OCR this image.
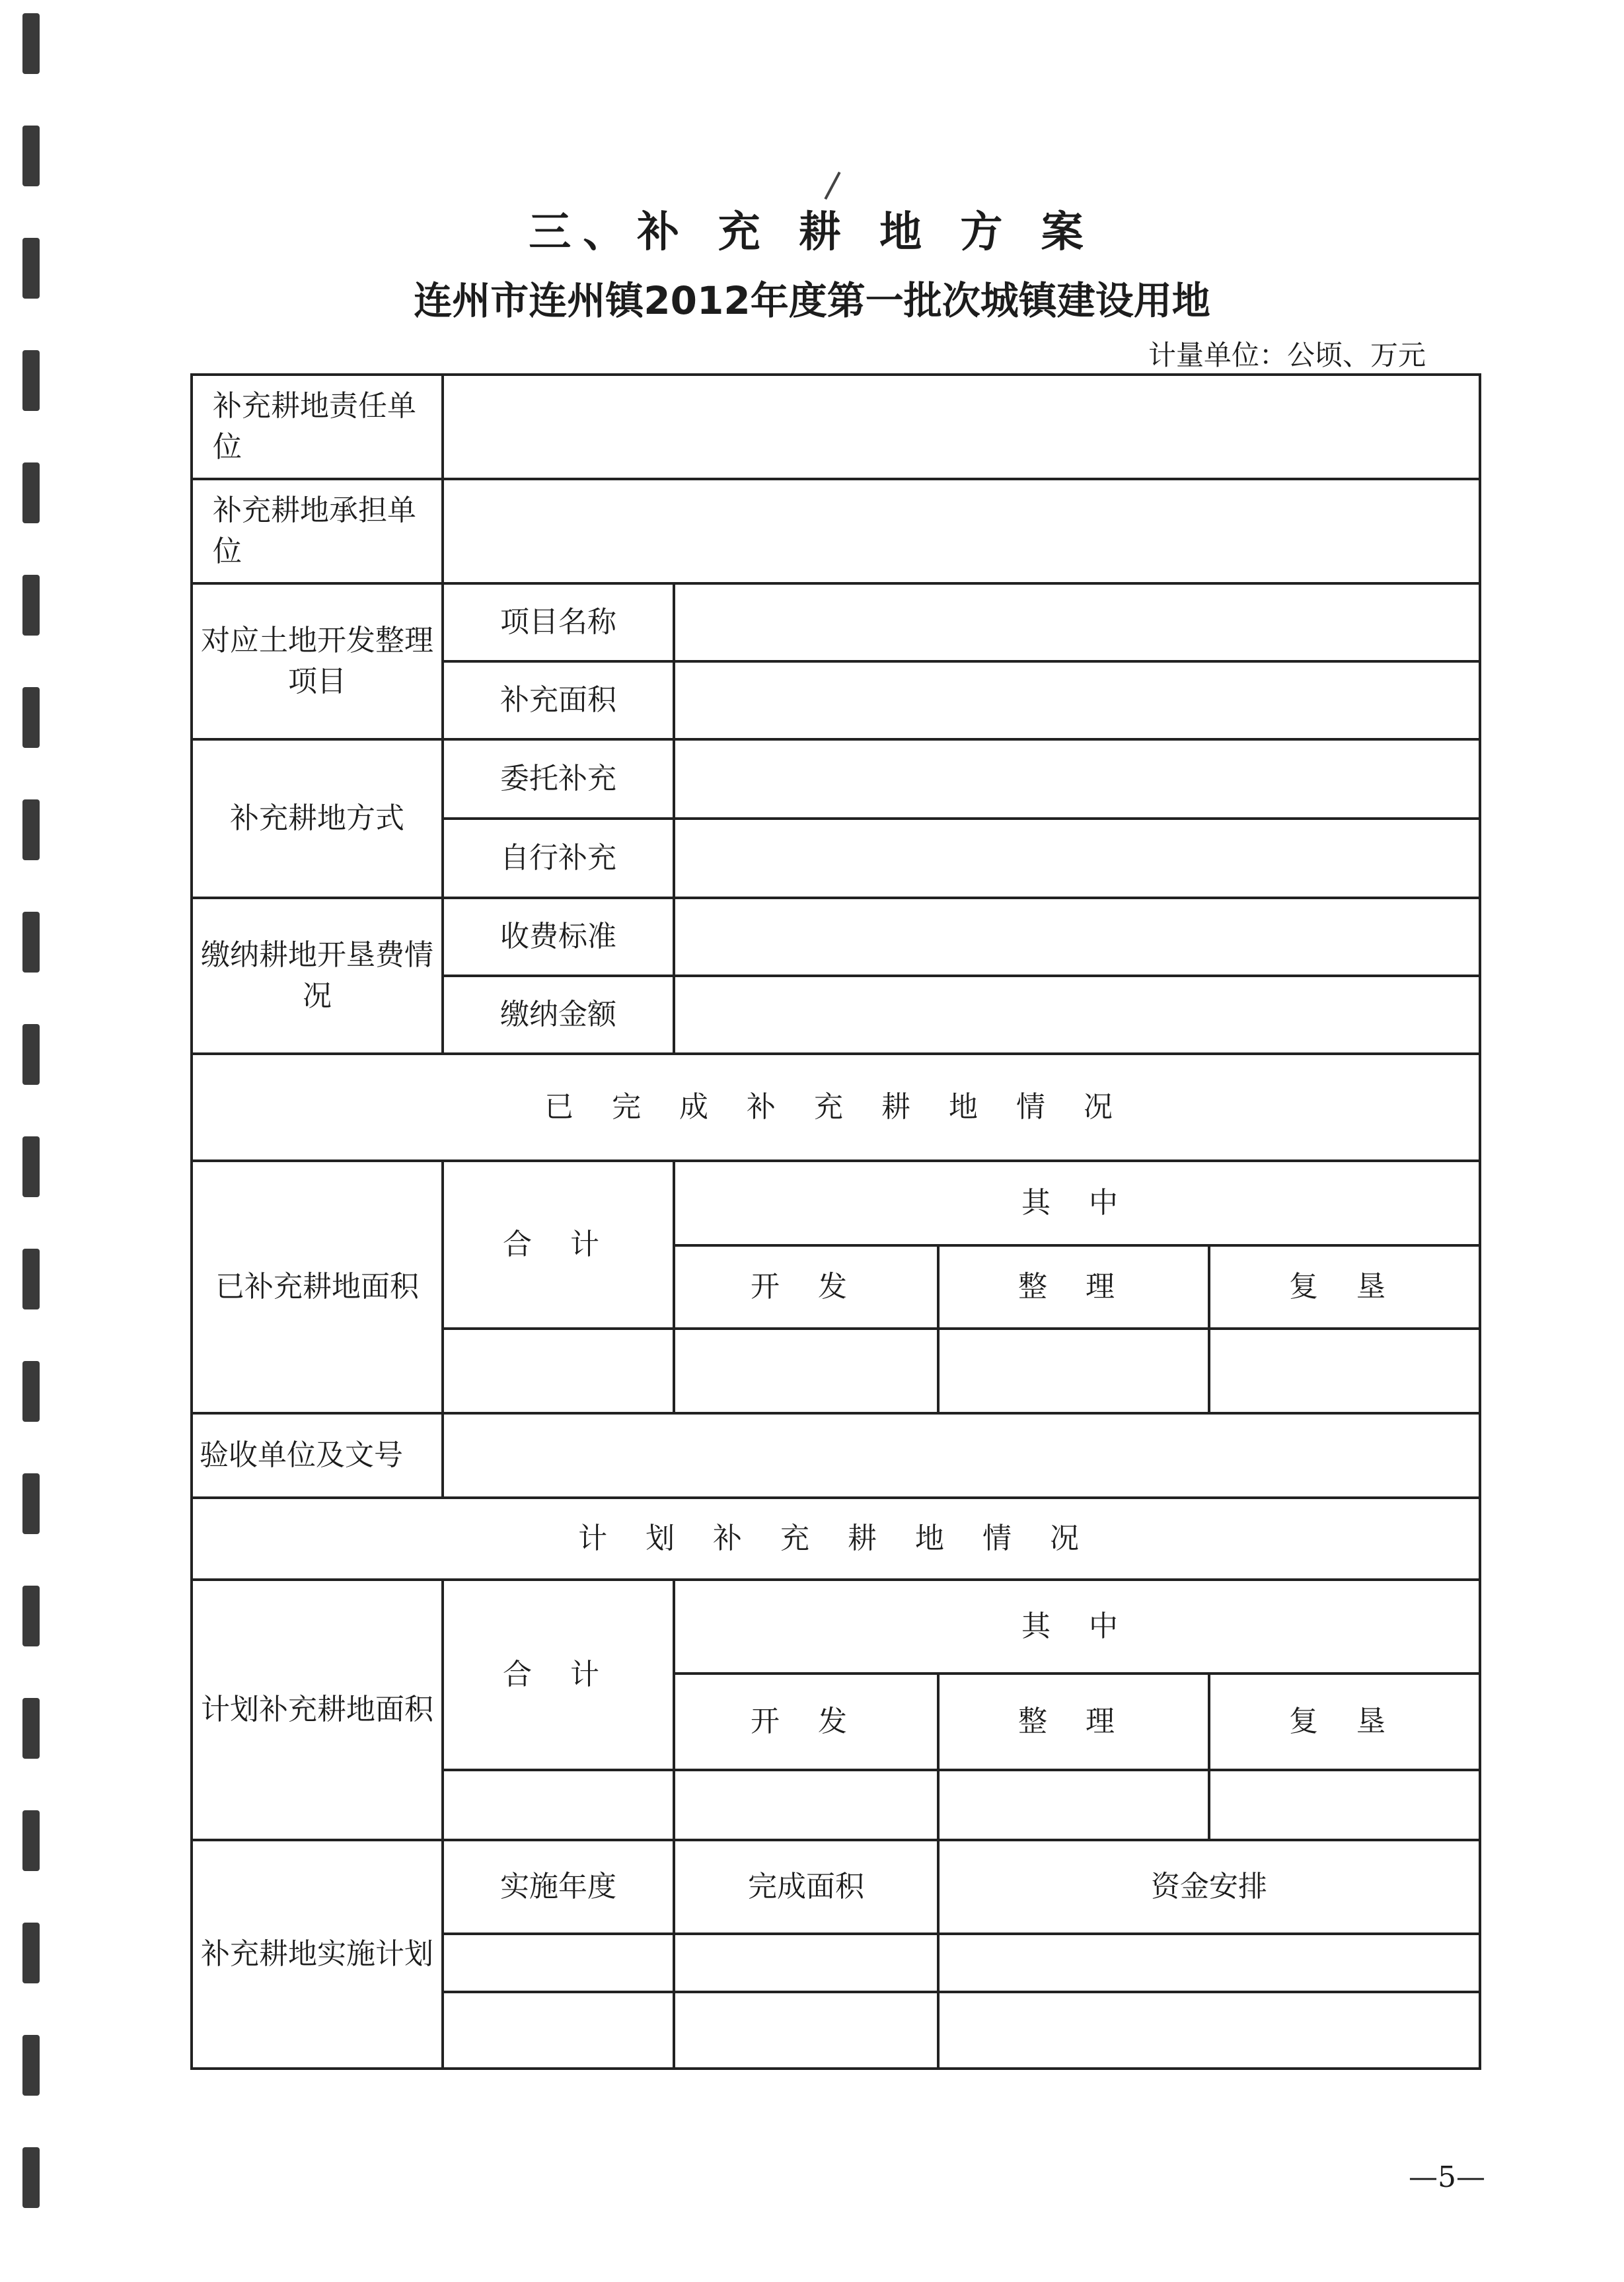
三、补 充 耕 地 方 案
连州市连州镇2012年度第一批次城镇建设用地
计量单位：公顷、万元
补充耕地责任单位				
补充耕地承担单位				
对应土地开发整理项目	项目名称			
	补充面积			
补充耕地方式	委托补充			
	自行补充			
缴纳耕地开垦费情况	收费标准			
	缴纳金额			
已 完 成 补 充 耕 地 情 况				
已补充耕地面积	合 计	其 中		
		开 发	整 理	复 垦

验收单位及文号				
计 划 补 充 耕 地 情 况				
计划补充耕地面积	合 计	其 中		
		开 发	整 理	复 垦

补充耕地实施计划	实施年度	完成面积	资金安排	

—5—
